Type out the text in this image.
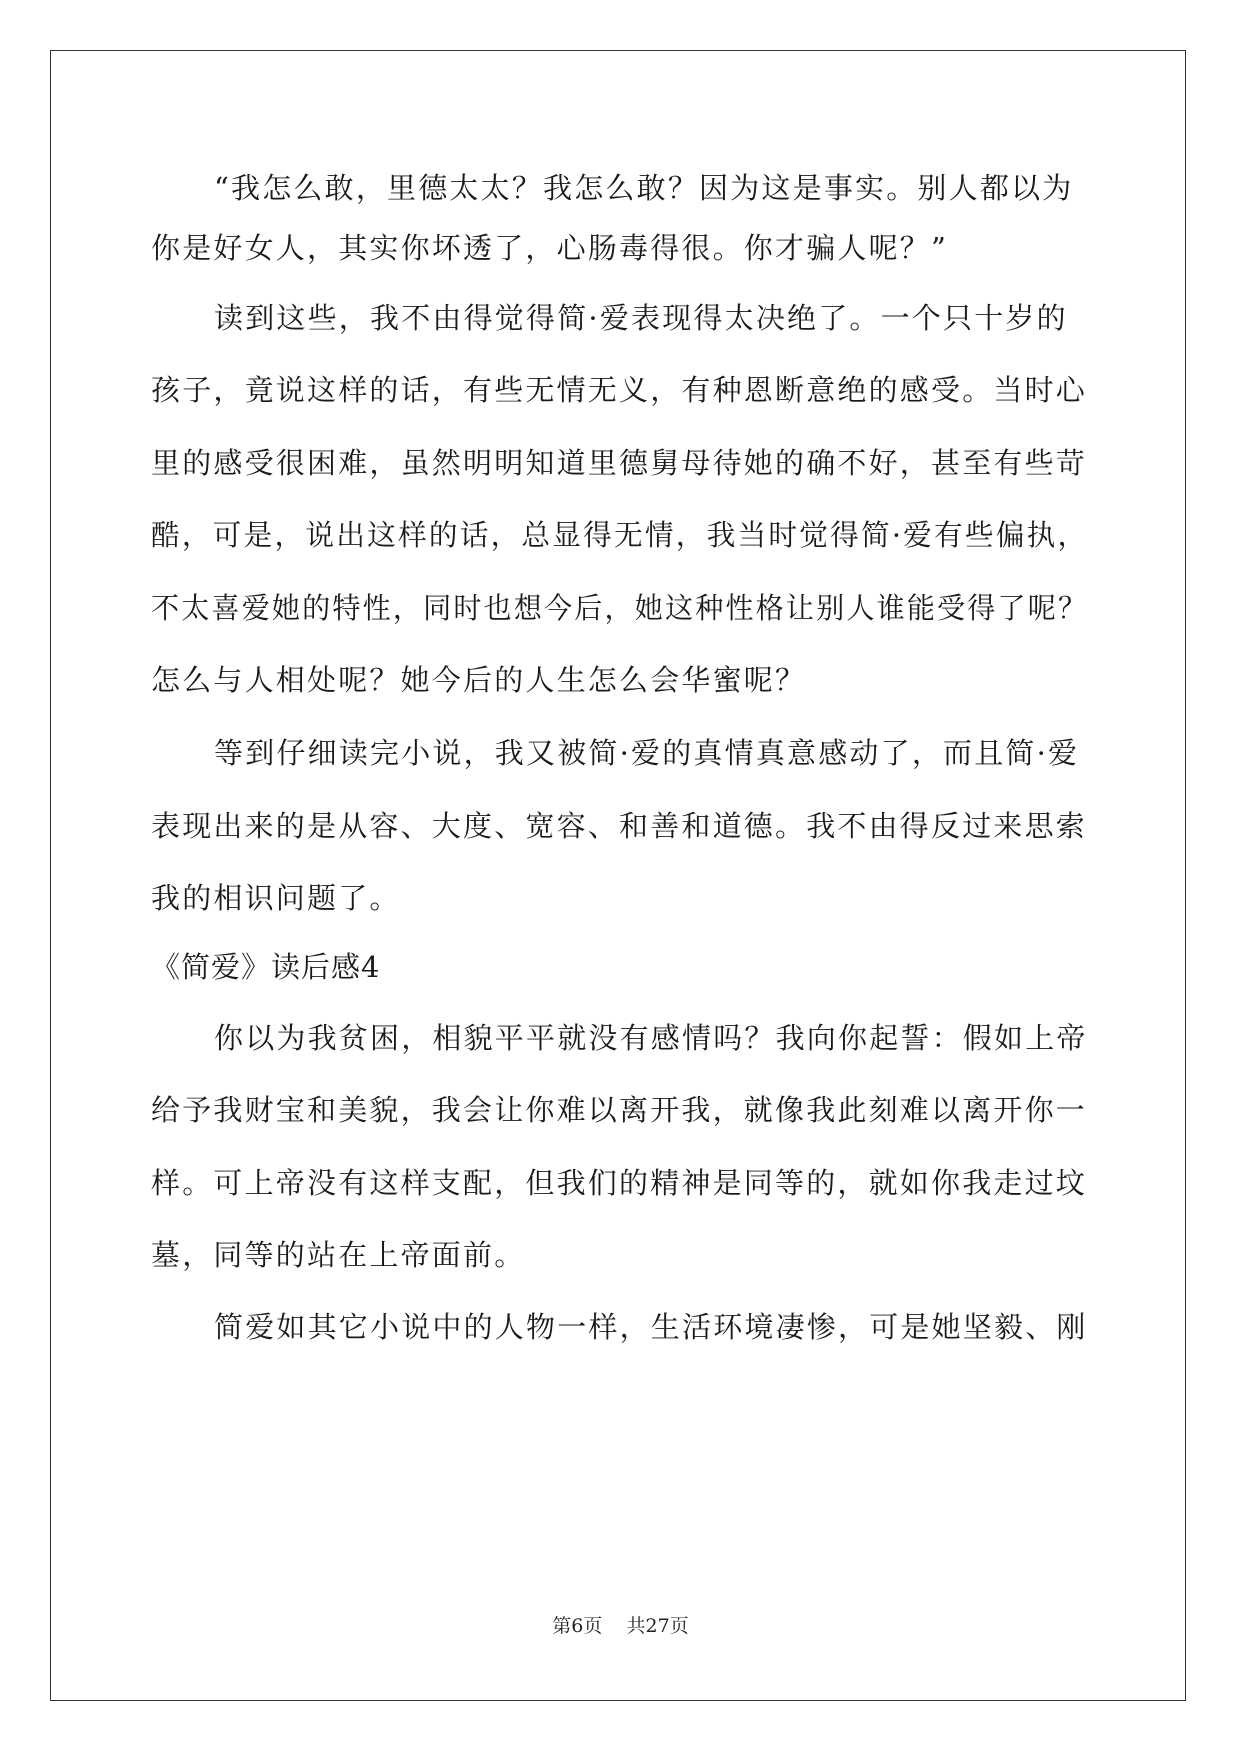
“我怎么敢，里德太太？我怎么敢？因为这是事实。别人都以为
你是好女人，其实你坏透了，心肠毒得很。你才骗人呢？”
读到这些，我不由得觉得简·爱表现得太决绝了。一个只十岁的
孩子，竟说这样的话，有些无情无义，有种恩断意绝的感受。当时心
里的感受很困难，虽然明明知道里德舅母待她的确不好，甚至有些苛
酷，可是，说出这样的话，总显得无情，我当时觉得简·爱有些偏执，
不太喜爱她的特性，同时也想今后，她这种性格让别人谁能受得了呢？
怎么与人相处呢？她今后的人生怎么会华蜜呢？
等到仔细读完小说，我又被简·爱的真情真意感动了，而且简·爱
表现出来的是从容、大度、宽容、和善和道德。我不由得反过来思索
我的相识问题了。
《简爱》读后感4
你以为我贫困，相貌平平就没有感情吗？我向你起誓：假如上帝
给予我财宝和美貌，我会让你难以离开我，就像我此刻难以离开你一
样。可上帝没有这样支配，但我们的精神是同等的，就如你我走过坟
墓，同等的站在上帝面前。
简爱如其它小说中的人物一样，生活环境凄惨，可是她坚毅、刚
第6页    共27页
